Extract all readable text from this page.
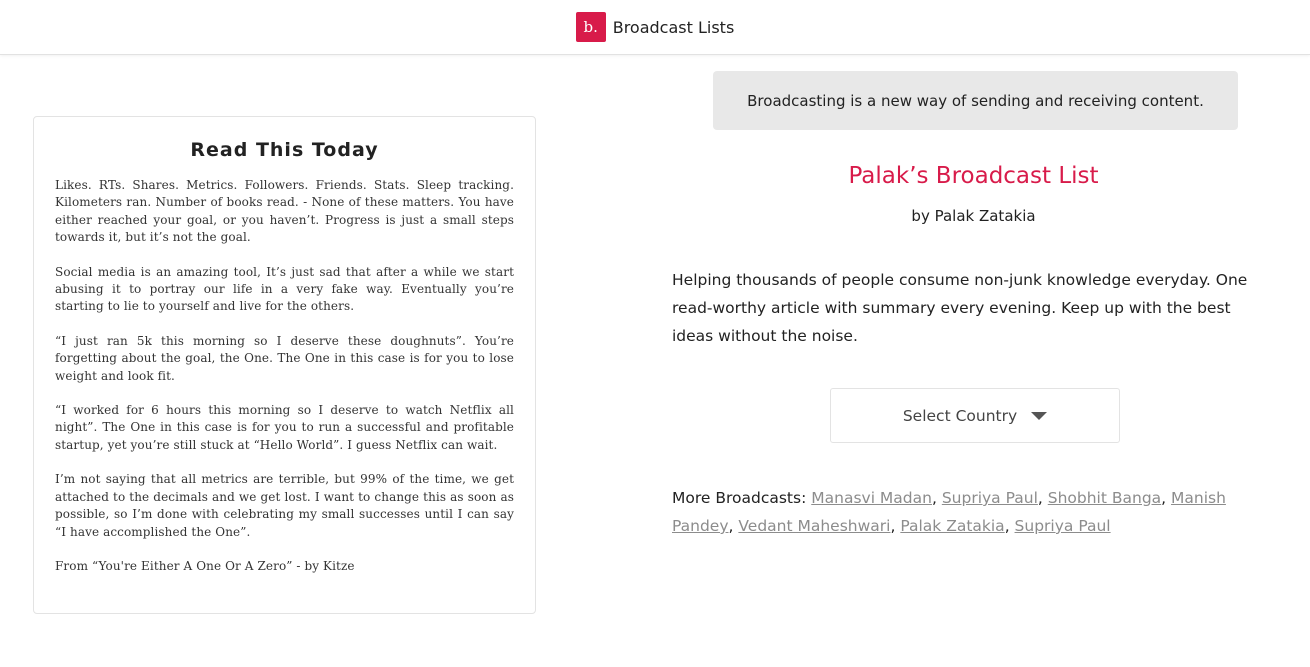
b. Broadcast Lists
Read This Today

Likes. RTs. Shares. Metrics. Followers. Friends. Stats. Sleep tracking. Kilometers ran. Number of books read. - None of these matters. You have either reached your goal, or you haven’t. Progress is just a small steps towards it, but it’s not the goal.

Social media is an amazing tool, It’s just sad that after a while we start abusing it to portray our life in a very fake way. Eventually you’re starting to lie to yourself and live for the others.

“I just ran 5k this morning so I deserve these doughnuts”. You’re forgetting about the goal, the One. The One in this case is for you to lose weight and look fit.

“I worked for 6 hours this morning so I deserve to watch Netflix all night”. The One in this case is for you to run a successful and profitable startup, yet you’re still stuck at “Hello World”. I guess Netflix can wait.

I’m not saying that all metrics are terrible, but 99% of the time, we get attached to the decimals and we get lost. I want to change this as soon as possible, so I’m done with celebrating my small successes until I can say “I have accomplished the One”.

From “You're Either A One Or A Zero” - by Kitze

Broadcasting is a new way of sending and receiving content.
Palak’s Broadcast List
by Palak Zatakia
Helping thousands of people consume non-junk knowledge everyday. One read-worthy article with summary every evening. Keep up with the best ideas without the noise.
Select Country
More Broadcasts: Manasvi Madan, Supriya Paul, Shobhit Banga, Manish Pandey, Vedant Maheshwari, Palak Zatakia, Supriya Paul
